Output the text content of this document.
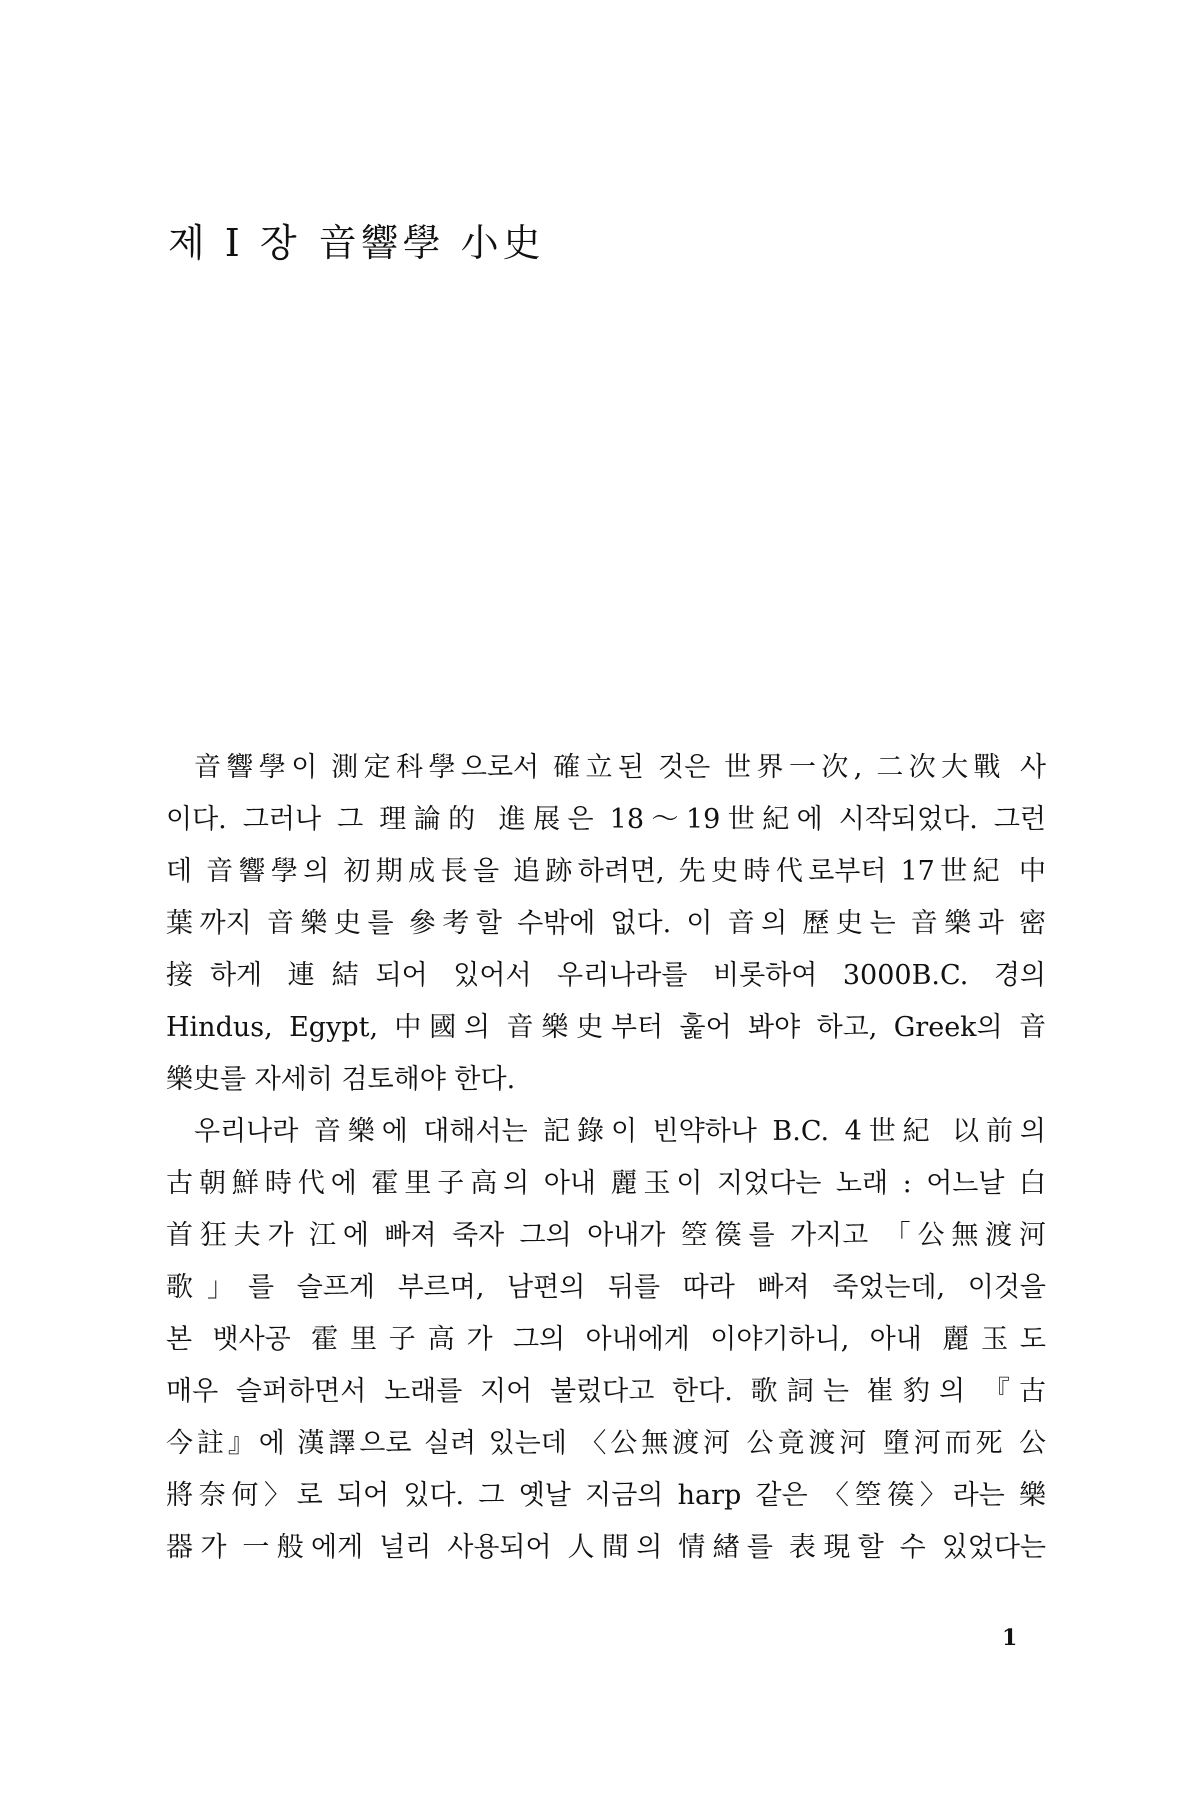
제 Ⅰ 장 音響學 小史
音響學이 測定科學으로서 確立된 것은 世界一次, 二次大戰 사
이다. 그러나 그 理論的 進展은 18～19世紀에 시작되었다. 그런
데 音響學의 初期成長을 追跡하려면, 先史時代로부터 17世紀 中
葉까지 音樂史를 參考할 수밖에 없다. 이 音의 歷史는 音樂과 密
接하게 連結되어 있어서 우리나라를 비롯하여 3000B.C. 경의
Hindus, Egypt, 中國의 音樂史부터 훑어 봐야 하고, Greek의 音
樂史를 자세히 검토해야 한다.
우리나라 音樂에 대해서는 記錄이 빈약하나 B.C. 4世紀 以前의
古朝鮮時代에 霍里子高의 아내 麗玉이 지었다는 노래 : 어느날 白
首狂夫가 江에 빠져 죽자 그의 아내가 箜篌를 가지고 「公無渡河
歌」를 슬프게 부르며, 남편의 뒤를 따라 빠져 죽었는데, 이것을
본 뱃사공 霍里子高가 그의 아내에게 이야기하니, 아내 麗玉도
매우 슬퍼하면서 노래를 지어 불렀다고 한다. 歌詞는 崔豹의 『古
今註』에 漢譯으로 실려 있는데 〈公無渡河 公竟渡河 墮河而死 公
將奈何〉로 되어 있다. 그 옛날 지금의 harp 같은 〈箜篌〉라는 樂
器가 一般에게 널리 사용되어 人間의 情緖를 表現할 수 있었다는
1
